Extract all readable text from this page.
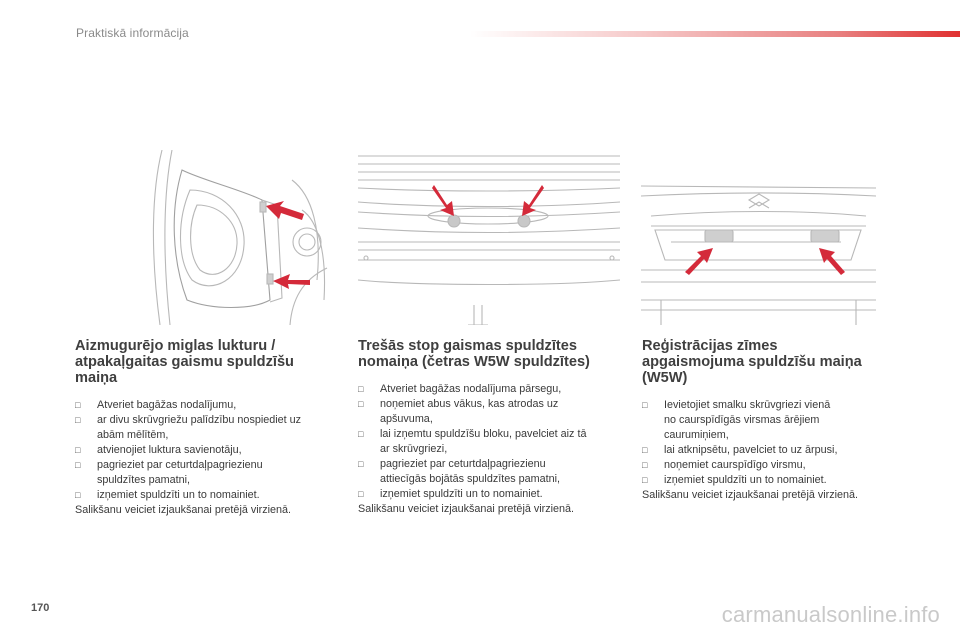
Praktiskā informācija
Aizmugurējo miglas lukturu /
atpakaļgaitas gaismu spuldzīšu
maiņa
□ Atveriet bagāžas nodalījumu,
□ ar divu skrūvgriežu palīdzību nospiediet uz
abām mēlītēm,
□ atvienojiet luktura savienotāju,
□ pagrieziet par ceturtdaļpagriezienu
spuldzītes pamatni,
□ izņemiet spuldzīti un to nomainiet.
Salikšanu veiciet izjaukšanai pretējā virzienā.
Trešās stop gaismas spuldzītes
nomaiņa (četras W5W spuldzītes)
□ Atveriet bagāžas nodalījuma pārsegu,
□ noņemiet abus vākus, kas atrodas uz
apšuvuma,
□ lai izņemtu spuldzīšu bloku, pavelciet aiz tā
ar skrūvgriezi,
□ pagrieziet par ceturtdaļpagriezienu
attiecīgās bojātās spuldzītes pamatni,
□ izņemiet spuldzīti un to nomainiet.
Salikšanu veiciet izjaukšanai pretējā virzienā.
Reģistrācijas zīmes
apgaismojuma spuldzīšu maiņa
(W5W)
□ Ievietojiet smalku skrūvgriezi vienā
no caurspīdīgās virsmas ārējiem
caurumiņiem,
□ lai atknipsētu, pavelciet to uz ārpusi,
□ noņemiet caurspīdīgo virsmu,
□ izņemiet spuldzīti un to nomainiet.
Salikšanu veiciet izjaukšanai pretējā virzienā.
170	carmanualsonline.info
